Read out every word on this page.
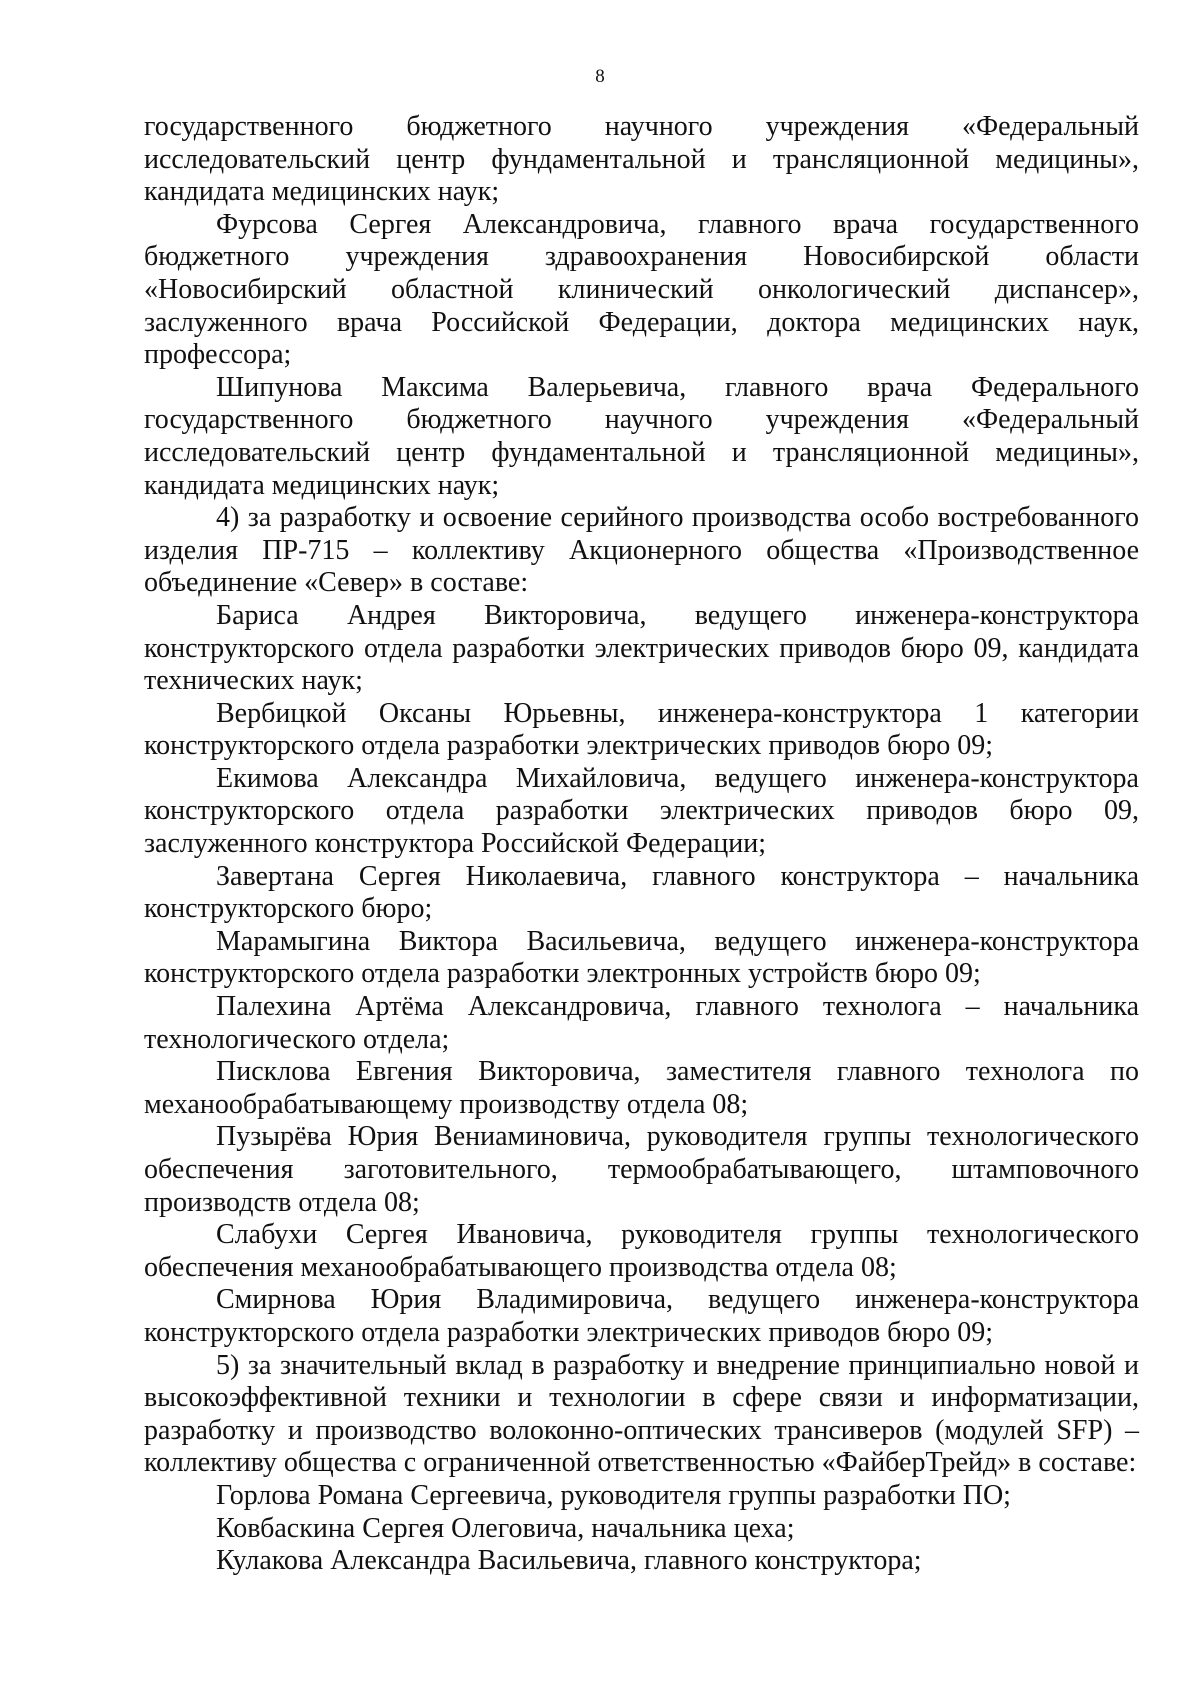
8

государственного бюджетного научного учреждения «Федеральный исследовательский центр фундаментальной и трансляционной медицины», кандидата медицинских наук;

Фурсова Сергея Александровича, главного врача государственного бюджетного учреждения здравоохранения Новосибирской области «Новосибирский областной клинический онкологический диспансер», заслуженного врача Российской Федерации, доктора медицинских наук, профессора;

Шипунова Максима Валерьевича, главного врача Федерального государственного бюджетного научного учреждения «Федеральный исследовательский центр фундаментальной и трансляционной медицины», кандидата медицинских наук;

4) за разработку и освоение серийного производства особо востребованного изделия ПР-715 – коллективу Акционерного общества «Производственное объединение «Север» в составе:

Бариса Андрея Викторовича, ведущего инженера-конструктора конструкторского отдела разработки электрических приводов бюро 09, кандидата технических наук;

Вербицкой Оксаны Юрьевны, инженера-конструктора 1 категории конструкторского отдела разработки электрических приводов бюро 09;

Екимова Александра Михайловича, ведущего инженера-конструктора конструкторского отдела разработки электрических приводов бюро 09, заслуженного конструктора Российской Федерации;

Завертана Сергея Николаевича, главного конструктора – начальника конструкторского бюро;

Марамыгина Виктора Васильевича, ведущего инженера-конструктора конструкторского отдела разработки электронных устройств бюро 09;

Палехина Артёма Александровича, главного технолога – начальника технологического отдела;

Писклова Евгения Викторовича, заместителя главного технолога по механообрабатывающему производству отдела 08;

Пузырёва Юрия Вениаминовича, руководителя группы технологического обеспечения заготовительного, термообрабатывающего, штамповочного производств отдела 08;

Слабухи Сергея Ивановича, руководителя группы технологического обеспечения механообрабатывающего производства отдела 08;

Смирнова Юрия Владимировича, ведущего инженера-конструктора конструкторского отдела разработки электрических приводов бюро 09;

5) за значительный вклад в разработку и внедрение принципиально новой и высокоэффективной техники и технологии в сфере связи и информатизации, разработку и производство волоконно-оптических трансиверов (модулей SFP) – коллективу общества с ограниченной ответственностью «ФайберТрейд» в составе:

Горлова Романа Сергеевича, руководителя группы разработки ПО;

Ковбаскина Сергея Олеговича, начальника цеха;

Кулакова Александра Васильевича, главного конструктора;
